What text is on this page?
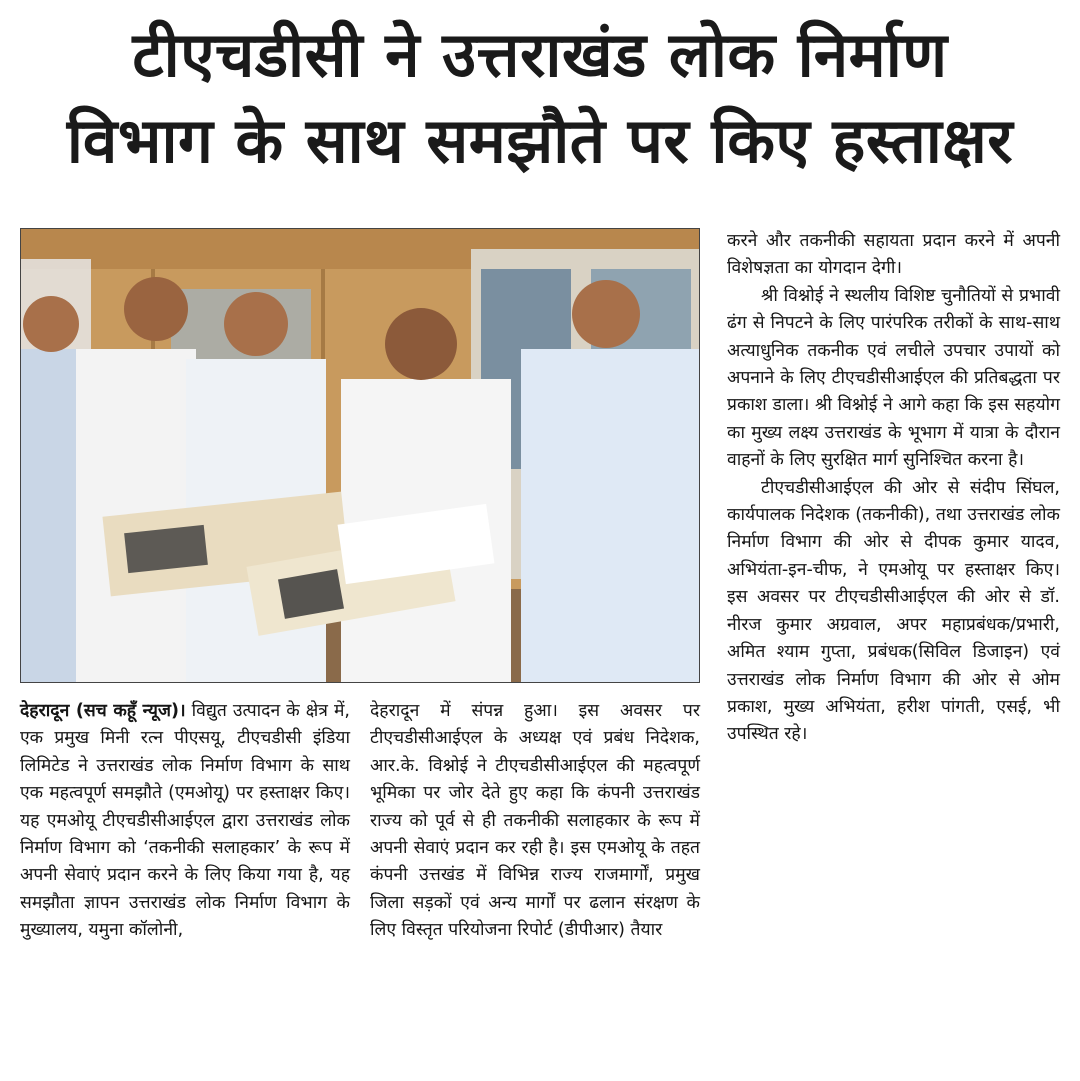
टीएचडीसी ने उत्तराखंड लोक निर्माण
विभाग के साथ समझौते पर किए हस्ताक्षर

करने और तकनीकी सहायता प्रदान करने में अपनी विशेषज्ञता का योगदान देगी।

श्री विश्नोई ने स्थलीय विशिष्ट चुनौतियों से प्रभावी ढंग से निपटने के लिए पारंपरिक तरीकों के साथ-साथ अत्याधुनिक तकनीक एवं लचीले उपचार उपायों को अपनाने के लिए टीएचडीसीआईएल की प्रतिबद्धता पर प्रकाश डाला। श्री विश्नोई ने आगे कहा कि इस सहयोग का मुख्य लक्ष्य उत्तराखंड के भूभाग में यात्रा के दौरान वाहनों के लिए सुरक्षित मार्ग सुनिश्चित करना है।

टीएचडीसीआईएल की ओर से संदीप सिंघल, कार्यपालक निदेशक (तकनीकी), तथा उत्तराखंड लोक निर्माण विभाग की ओर से दीपक कुमार यादव, अभियंता-इन-चीफ, ने एमओयू पर हस्ताक्षर किए। इस अवसर पर टीएचडीसीआईएल की ओर से डॉ. नीरज कुमार अग्रवाल, अपर महाप्रबंधक/प्रभारी, अमित श्याम गुप्ता, प्रबंधक(सिविल डिजाइन) एवं उत्तराखंड लोक निर्माण विभाग की ओर से ओम प्रकाश, मुख्य अभियंता, हरीश पांगती, एसई, भी उपस्थित रहे।

देहरादून (सच कहूँ न्यूज)। विद्युत उत्पादन के क्षेत्र में, एक प्रमुख मिनी रत्न पीएसयू, टीएचडीसी इंडिया लिमिटेड ने उत्तराखंड लोक निर्माण विभाग के साथ एक महत्वपूर्ण समझौते (एमओयू) पर हस्ताक्षर किए। यह एमओयू टीएचडीसीआईएल द्वारा उत्तराखंड लोक निर्माण विभाग को ‘तकनीकी सलाहकार’ के रूप में अपनी सेवाएं प्रदान करने के लिए किया गया है, यह समझौता ज्ञापन उत्तराखंड लोक निर्माण विभाग के मुख्यालय, यमुना कॉलोनी,

देहरादून में संपन्न हुआ। इस अवसर पर टीएचडीसीआईएल के अध्यक्ष एवं प्रबंध निदेशक, आर.के. विश्नोई ने टीएचडीसीआईएल की महत्वपूर्ण भूमिका पर जोर देते हुए कहा कि कंपनी उत्तराखंड राज्य को पूर्व से ही तकनीकी सलाहकार के रूप में अपनी सेवाएं प्रदान कर रही है। इस एमओयू के तहत कंपनी उत्तखंड में विभिन्न राज्य राजमार्गों, प्रमुख जिला सड़कों एवं अन्य मार्गों पर ढलान संरक्षण के लिए विस्तृत परियोजना रिपोर्ट (डीपीआर) तैयार
